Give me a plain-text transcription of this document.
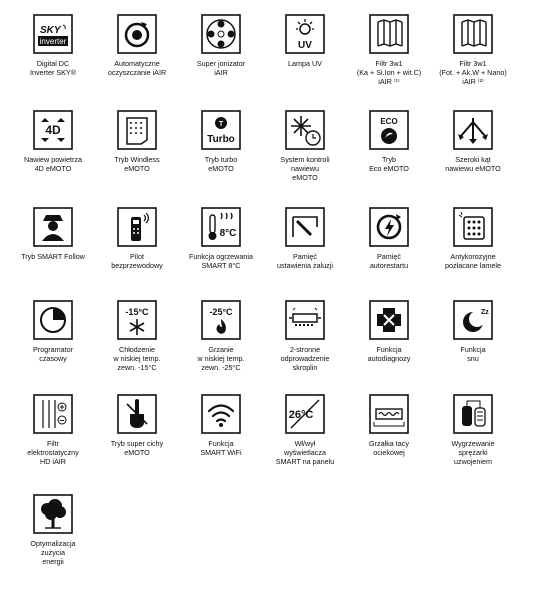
SKY
inverter
Digital DC
Inverter SKY®
Automatyczne
oczyszczanie iAIR
Super jonizator
iAIR
UV
Lampa UV	Filtr 3w1
(Ka + Si.Ion + wit.C)
iAIR ⁽¹⁾
Filtr 3w1
(Fot. + Ak.W + Nano)
iAIR ⁽²⁾
4D
Nawiew powietrza
4D eMOTO
Tryb Windless
eMOTO
T
Turbo
Tryb turbo
eMOTO
System kontroli
nawiewu
eMOTO
ECO
Tryb
Eco eMOTO
Szeroki kąt
nawiewu eMOTO
Tryb SMART Follow	Pilot
bezprzewodowy
8°C
Funkcja ogrzewania
SMART 8°C
Pamięć
ustawienia żaluzji
Pamięć
autorestartu
Antykorozyjne
pozłacane lamele
Programator
czasowy
-15°C
Chłodzenie
w niskiej temp.
zewn. -15°C
-25°C
Grzanie
w niskiej temp.
zewn. -25°C
2-stronne
odprowadzenie
skroplin
Funkcja
autodiagnozy
Zz
Funkcja
snu
+
–
Filtr
elektrostatyczny
HD iAIR
Tryb super cichy
eMOTO
Funkcja
SMART WiFi
26°C
Wł/wył
wyświetlacza
SMART na panelu
Grzałka tacy
ociekowej
Wygrzewanie
sprężarki
uzwojeniem
Optymalizacja
zużycia
energii
